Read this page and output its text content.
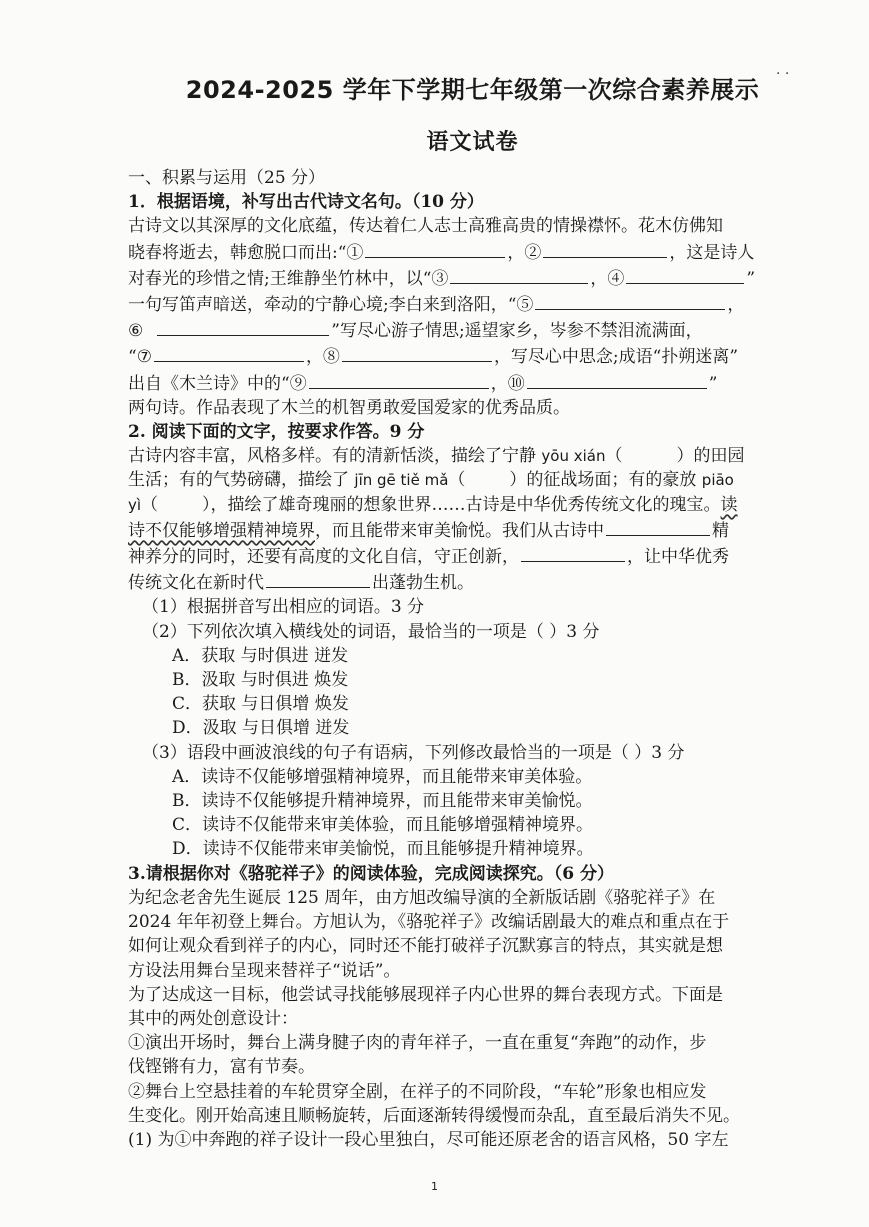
· ·
2024-2025 学年下学期七年级第一次综合素养展示
语文试卷

一、积累与运用（25 分）

1．根据语境，补写出古代诗文名句。（10 分）

古诗文以其深厚的文化底蕴，传达着仁人志士高雅高贵的情操襟怀。花木仿佛知

晓春将逝去，韩愈脱口而出:“①	，②	，这是诗人

对春光的珍惜之情;王维静坐竹林中，以“③	，④	”

一句写笛声暗送，牵动的宁静心境;李白来到洛阳，“⑤	，

⑥	”写尽心游子情思;遥望家乡，岑参不禁泪流满面，

“⑦	，⑧	，写尽心中思念;成语“扑朔迷离”

出自《木兰诗》中的“⑨	，⑩	”

两句诗。作品表现了木兰的机智勇敢爱国爱家的优秀品质。

2. 阅读下面的文字，按要求作答。9 分

古诗内容丰富，风格多样。有的清新恬淡，描绘了宁静 yōu xián（	）的田园

生活；有的气势磅礴，描绘了 jīn gē tiě mǎ（	）的征战场面；有的豪放 piāo

yì（	），描绘了雄奇瑰丽的想象世界……古诗是中华优秀传统文化的瑰宝。读

诗不仅能够增强精神境界，而且能带来审美愉悦。我们从古诗中	精

神养分的同时，还要有高度的文化自信，守正创新，	，让中华优秀

传统文化在新时代	出蓬勃生机。

（1）根据拼音写出相应的词语。3 分

（2）下列依次填入横线处的词语，最恰当的一项是（ ）3 分

A．获取 与时俱进 迸发

B．汲取 与时俱进 焕发

C．获取 与日俱增 焕发

D．汲取 与日俱增 迸发

（3）语段中画波浪线的句子有语病，下列修改最恰当的一项是（ ）3 分

A．读诗不仅能够增强精神境界，而且能带来审美体验。

B．读诗不仅能够提升精神境界，而且能带来审美愉悦。

C．读诗不仅能带来审美体验，而且能够增强精神境界。

D．读诗不仅能带来审美愉悦，而且能够提升精神境界。

3.请根据你对《骆驼祥子》的阅读体验，完成阅读探究。（6 分）

为纪念老舍先生诞辰 125 周年，由方旭改编导演的全新版话剧《骆驼祥子》在

2024 年年初登上舞台。方旭认为，《骆驼祥子》改编话剧最大的难点和重点在于

如何让观众看到祥子的内心，同时还不能打破祥子沉默寡言的特点，其实就是想

方设法用舞台呈现来替祥子“说话”。

为了达成这一目标，他尝试寻找能够展现祥子内心世界的舞台表现方式。下面是

其中的两处创意设计：

①演出开场时，舞台上满身腱子肉的青年祥子，一直在重复“奔跑”的动作，步

伐铿锵有力，富有节奏。

②舞台上空悬挂着的车轮贯穿全剧，在祥子的不同阶段，“车轮”形象也相应发

生变化。刚开始高速且顺畅旋转，后面逐渐转得缓慢而杂乱，直至最后消失不见。

(1) 为①中奔跑的祥子设计一段心里独白，尽可能还原老舍的语言风格，50 字左

1
